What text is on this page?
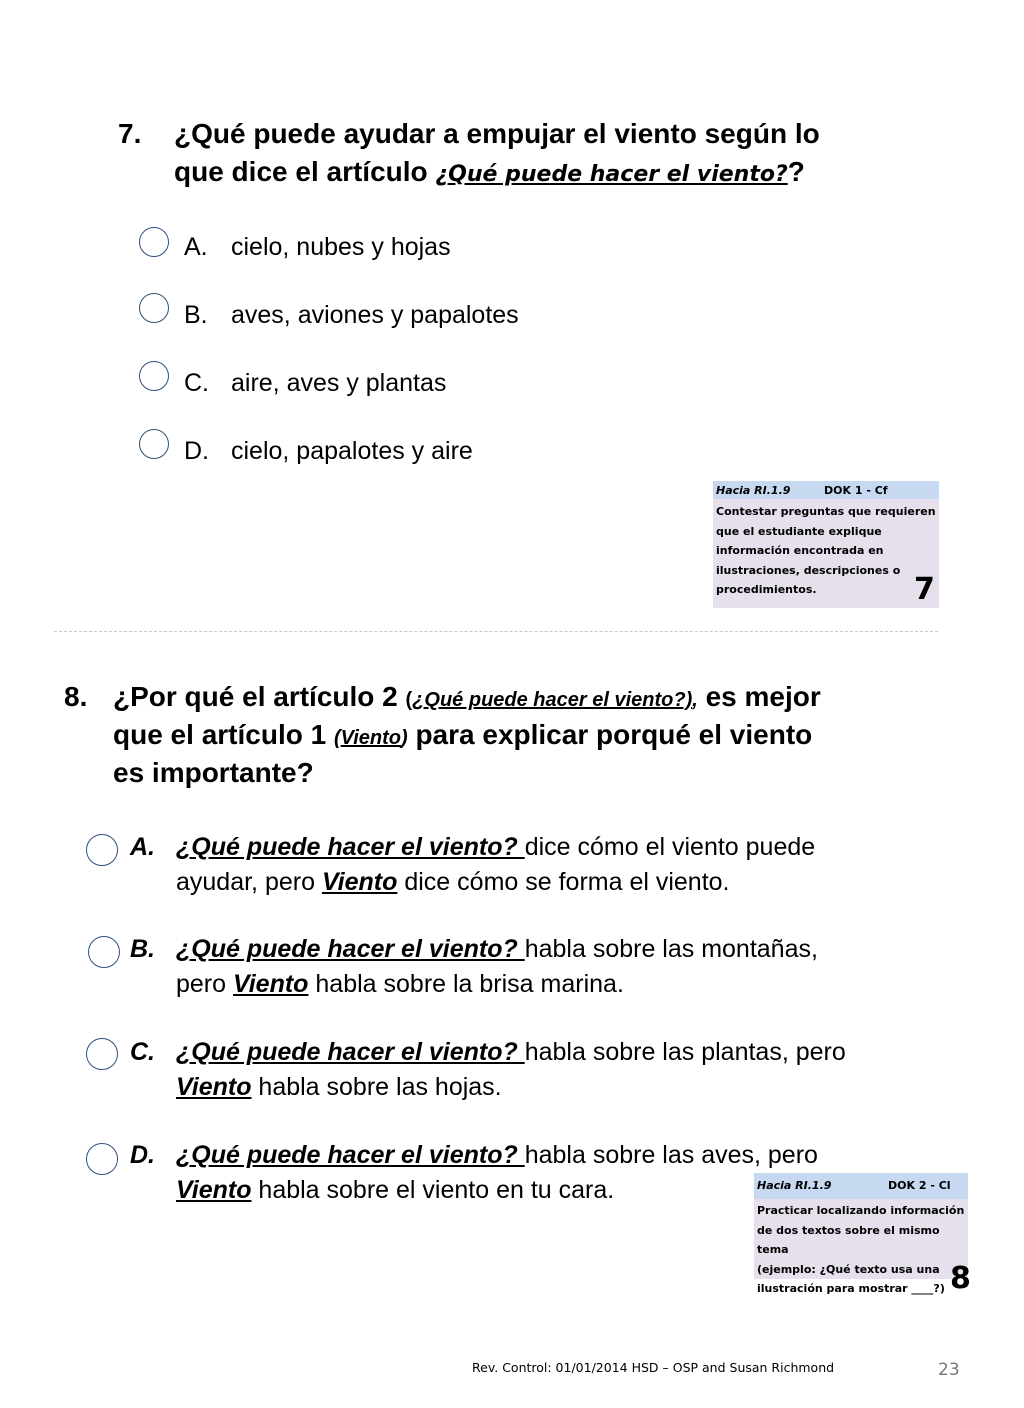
7. ¿Qué puede ayudar a empujar el viento según lo
que dice el artículo ¿Qué puede hacer el viento??
A. cielo, nubes y hojas
B. aves, aviones y papalotes
C. aire, aves y plantas
D. cielo, papalotes y aire
Hacia RI.1.9	DOK 1 - Cf
Contestar preguntas que requieren
que el estudiante explique
información encontrada en
ilustraciones, descripciones o
procedimientos.	7
8. ¿Por qué el artículo 2 (¿Qué puede hacer el viento?), es mejor
que el artículo 1 (Viento) para explicar porqué el viento
es importante?
A. ¿Qué puede hacer el viento? dice cómo el viento puede
ayudar, pero Viento dice cómo se forma el viento.
B. ¿Qué puede hacer el viento? habla sobre las montañas,
pero Viento habla sobre la brisa marina.
C. ¿Qué puede hacer el viento? habla sobre las plantas, pero
Viento habla sobre las hojas.
D. ¿Qué puede hacer el viento? habla sobre las aves, pero
Viento habla sobre el viento en tu cara.	Hacia RI.1.9	DOK 2 - Cl
Practicar localizando información
de dos textos sobre el mismo tema
(ejemplo: ¿Qué texto usa una
ilustración para mostrar ____?) 8
Rev. Control: 01/01/2014 HSD – OSP and Susan Richmond	23
